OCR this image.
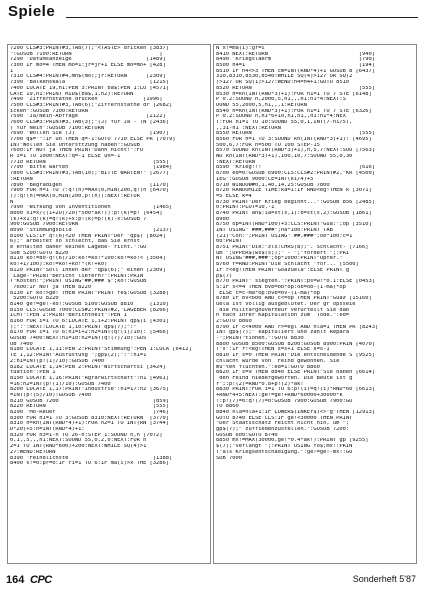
Spiele
7200 CLS#3:PRINT#3,TAB(7);"<TASTE> dricken [3837]
":GOSUB 7100:RETURN                           ]
7290 'Datumsanzeige                       [1489]
7300 IF mo=4 THEN mo=1:jr=jr+1 ELSE mo=mo+ [428]
1
7310 CLS#4:PRINT#4,mn$(mo);jr:RETURN      [2309]
7390 'Balkenskala                          [1215]
7400 LOCATE 19,h1:PEN 3:PRINT ba$:PEN 1:LO [4571]
CATE 19,h1:PRINT MID$(ba$,1,h2):RETURN
7490 'Ziffernstatne drucken              [1996]
7500 CLS#3:PRINT#3,TAB(6);"Ziffernstatne dr [2682]
icken":GOSUB 7100:RETURN
7590 'Ja/Nein-Abfrage                     [2122]
7600 CLS#3:PRINT#3,TAB(3);"(J) für Ja - (N [2436]
) für Nein":GOSUB 7100:RETURN
7690 'Wollen Sie (J)                       [1907]
7700 q$="":IF un THEN q=-1:GOTO 7710 ELSE PR [7079]
INT"Wollen Sie Untersttzung haben":GOSUB
7600:IF NOT ja THEN PRINT"Dann nicht!":FO
R i=1 TO 1000:NEXT:q=-1 ELSE un=-1
7710 RETURN                                 [555]
7790 'Bitte warten                          [1984]
7800 CLS#3:PRINT#3,TAB(10);"BITTE WARTEN!" [2677]
:RETURN
7890 'Begradigen                           [1170]
7900 FOR h=1 TO 7:q!(h)=MAX(0,MIN(200,q!(h [6470]
)):q!(h)=MAX(0,MIN(200,p!(h)):NEXT:RETUR
N
7990 'Wirkung von Inventitionen             [1465]
8000 x1=x/((1+2O)/20)*500*ak!)):p!(k)=p! [6454]
(k)+x1:q!(k)=q!(k)+x:p!(k)=p!(k)-x:GOSUB 7
900:GOSUB 7900:RETURN
8090 'Stimmungsbild                         [2137]
8100 CLS:IF q!(6)<20 THEN PRINT"Der "qp$( [8024]
6);" arbeitet so schlecht, daß Sie ernst
e erhalten daher keinen Lagebe- richt.":GO
SUB 5200:GOTO 8220
8110 ko!=80-q!(6)/10:ko!=ko!*100:ko!=ko!< [3504]
ko!+1/100):ko!=ko!+ko!*(k!+k0)
8120 PRINT"Soll Ihnen der "qp$(6);" einen [2309]
Lage-"PRINT"bericht liefern?":PRINT:PRIN
T"Kosten:";PRINT USING"##,### $";ko!:GOSUB
7600:IF NOT ja THEN 8220
8130 IF ko!>ge! THEN PRINT"PRINT fe$:GOSUB [3288]
5200:GOTO 8220
8140 ge!=ge!-ko!:GOSUB 5100:GOSUB 8810     [1310]
8150 CLS:GOSUB 7000:CLS#2:PRINT#2,"LAGEBER [8266]
ICHT":PEN 2:PRINT"Berichtheit":PEN 1
8160 FOR i=1 TO 6:LOCATE 1,i+2:PRINT qp$(i [4301]
);":":NEXT:LOCATE 1,10:PRINT qp$(7);":"
8170 FOR i=1 TO 6:h1=i+2:h2=INT(q!(i)/10): [5466]
GOSUB 7400:NEXT:h1=10:h2=INT(q!(7)/10):GOS
UB 7400
8180 LOCATE 1,11:PEN 2:PRINT"Stimmung":PEN 1:LOCA [6412]
TE 1,12:PRINT"Ausrüstung ";gp$(2);":":h1=1
2:h1=INT(p!(1)/10):GOSUB 7400
8182 LOCATE 1,14:PEN 2:PRINT"Wirtschaftsi [3424]
tuation":PEN 1
8190 LOCATE 1,16:PRINT"Agrarwirtschaft":h1 [4961]
=16:h2=INT(p!(1)/10):GOSUB 7400
8200 LOCATE 1,17:PRINT"Industrie":h1=17:h2 [3675]
=INT(p!(5)/10):GOSUB 7400
8210 GOSUB 7200                             [859]
8220 RETURN                                 [555]
8290 'Mo-Reuer                              [746]
8300 FOR h1=1 TO 3:GOSUB 8310:NEXT:RETURN  [3770]
8310 h=kn(INT(RND*4)+1):FOR h2=1 TO INT(RN [3744]
D*20)+5:h=INT(RND*4)+1:
8320 FOR h3=1-h TO 26-h:STEP 1:SOUND h,h [7072]
0,1,,5,,,h1:NEXT:SOUND 55,0,2,0:NEXT:FOR h
2=1 TO INT(RND*600)+200:NEXT:WHILE SQ(4)>1
27:WEND:RETURN
8390 'Feindlichste                          [1388]
8400 s!=0:pr=0:IF ri=1 TO 6:IF ma(i)>x THE [3286]
N x!=ma(i):gr=i
8410 NEXT:RETURN                            [940]
8490 'Kriegslaerm                           [790]
8500 h4=1                                   [194]
8510 IF h4<>3 THEN cm=INT(RND*4)+1 GOSUB 8 [6437]
310,8310,8530,8540:WHILE SQ(4)>127 OR SQ(2
)>127 OR SQ(1)>127:WEND:h4=h4+1:GOTO 8510
8520 RETURN                                 [555]
8530 h=kn(INT(RND*3)+1):FOR h1=1 TO 7 STE [6148]
P 0.2:SOUND h,2000,5,h1,,,h1:h1*4:NEXT:S
OUND 55,2000,5,h1,,,1:RETURN
8540 h=kn(INT(RND*3)+1):FOR h1=1 TO 7 STE [6326]
P 0.2:SOUND h,h1*6+10,h1,h1,,h1:h1*4:NEX
T:FOR h1=1 TO 10:SOUND 55,0,1,INT(7-h1/5),
,,31-h1 :NEXT:RETURN
8550 RETURN                                 [555]
8560 FOR h=1 TO 3:SOUND kn(INT(RND*3)+1): [4695]
500,6,7:FOR h=500 TO 100 STEP-15
8570 SOUND kn(INT(RND*3)+1),h,5,7:NEXT:SOU [7563]
ND kn(INT(RND*3)+1),100,10,7:SOUND 55,0,30
:NEXT:RETURN
8590 'Krieg!!!                              [616]
8700 ed=0:GOSUB 6900:CLS:CLS#2:PRINT#2,"KR [4500]
IEG":GOSUB 9000:CE=INT(ki/4)+5
8710 WINDOW#0,1,40,14,25:GOSUB 7800
8720 RANDOMIZE TIME:ka=1:IF RND<eg!THEN k [3071]
=5 ELSE k=4
8730 PRINT"Der Krieg beginnt...":GOSUB 856 [2485]
0:PRINT:PLOT=10,-1
8740 PRINT an$:ia=st(s,1):b=st(s,2):GOSUB [1861]
8900
8750 op=INT(RND*100)+5:CLS:PRINT"Gua:";op [3510]
INT USING" ###,###";ha*100:PRINT TAB
(21)"Con:";PRINT USING" ##,###";ob*100:c=1
00:PRINT
8751 PRINT"Die:"zls:CHRS(8);". Schlacht- [7166]
um ";UPPER$(ws$(s));" - ";"fordert ";:PRI
NT USING"###,###";op*1000:PRINT"Opfer."
8760 r=RND:PRINT"Die Schlacht "for... [5500]
IF r<eg!THEN PRINT"Goazuela":ELSE PRINT g
p$(7)
8770 PRINT" siegten.":PRINT:ps=w!*0.1:ELSE [0453]
S:IF s<=4 THEN bvb=ob*op:ob=ob-(1-ma)*op
ELSE c=c-ma*op:bvb=bv-(1-ma)*op
8780 IF bv<600 AND c<=op THEN PRINT"Guaz [15160]
uela ist völlig ausgeblutet. Der gr opsseie
die Militärgouverneur verurteilt Sie dab
n nach ihrer Kapitulation zum  Tode.":ed=
2:GOTO 8860
8790 IF c<4000 AND r>=egl AND nla=1 THEN PR [8243]
INT gp$(7);" kapituliert und zahlt Repara
-";PRINT"tionen.":GOTO 8830
8800 GOSUB 8500:GOSUB 8200:GOSUB 8900:PRIN [4070]
T"s":IF r!<eg!THEN s=s+1 ELSE s=s-1
8810 IF s=0 THEN PRINT"Die entscheidende S [9525]
chlacht wurde von  Feind gewonnen. Sie
mu"ten flüchten.":ed=1:GOTO 8860
8820 IF s=9 THEN 8840 ELSE PRINT"Sie haben [6614]
den Feind niedergeworfen. Die Beute ist g
r";:p!(2)=RND*0.8+p!(2)*ak!
8830 PRINT:FOR i=1 TO 6:p!(i)=q!(i)*RND*60 [6613]
+RND*4+5:NEXT:ge!=ge!+RND*60000+30000*k
!:p!(7)=0:q!(7)=0:GOSUB 7900:GOSUB 7900:GO
TO 8860
8840 nla=nla+1:IF LOWER$(INKEY$)<>"g"THEN [12913]
GOTO 8740 ELSE CLS:IF ge!<30000 THEN PRINT
"Der Staatsschatz reicht nicht hin, um ";
gp$(7);" zufriedenzustellen.":GOSUB 7200:
GOSUB 600:GOTO 8740
8850 mx!=MAX(30000,ge!*0.4*ak!):PRINT gp [9255]
$(7);"verlangt ";:PRINT USING fo$;mx!:PRIN
T"als Kriegsentschädigung.":ge!=ge!-mx!:GO
SUB 7000
164 CPC	Sonderheft 5'87
